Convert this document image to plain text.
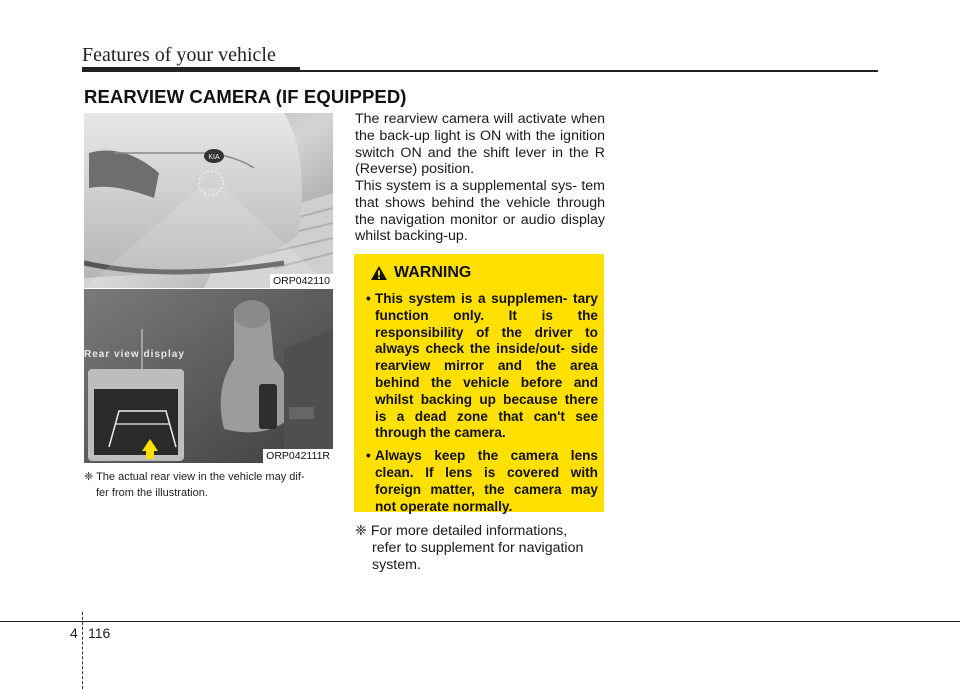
Features of your vehicle
REARVIEW CAMERA (IF EQUIPPED)
KIA
ORP042110
Rear view display
ORP042111R
❈ The actual rear view in the vehicle may dif-
fer from the illustration.
The rearview camera will activate when the back-up light is ON with the ignition switch ON and the shift lever in the R (Reverse) position.
This system is a supplemental sys- tem that shows behind the vehicle through the navigation monitor or audio display whilst backing-up.
WARNING
• This system is a supplemen- tary function only. It is the responsibility of the driver to always check the inside/out- side rearview mirror and the area behind the vehicle before and whilst backing up because there is a dead zone that can't see through the camera.
• Always keep the camera lens clean. If lens is covered with foreign matter, the camera may not operate normally.
❈ For more detailed informations,
refer to supplement for navigation system.
4 116
